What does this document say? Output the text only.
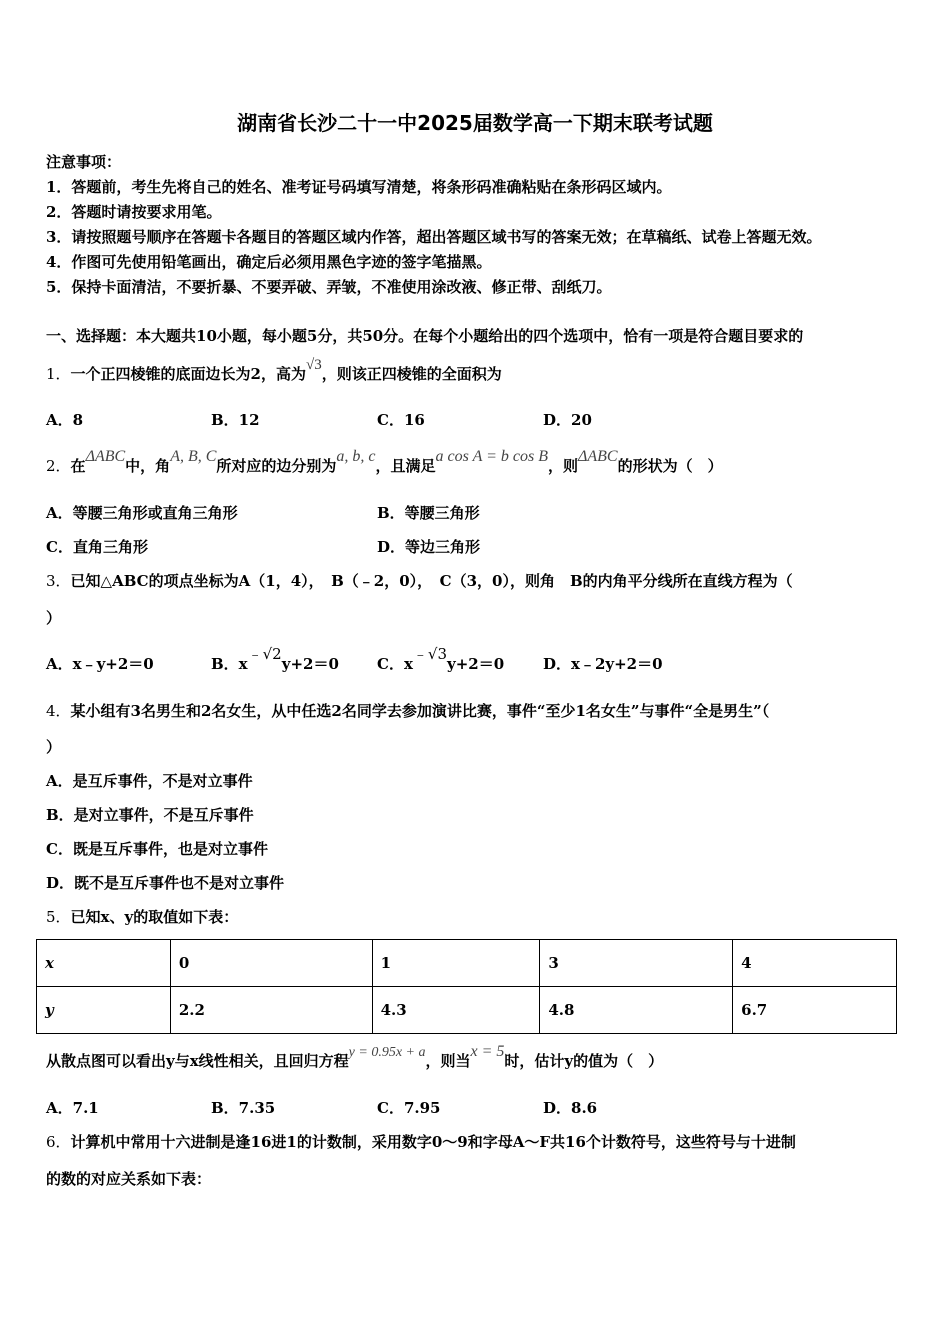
湖南省长沙二十一中2025届数学高一下期末联考试题
注意事项：
1．答题前，考生先将自己的姓名、准考证号码填写清楚，将条形码准确粘贴在条形码区域内。
2．答题时请按要求用笔。
3．请按照题号顺序在答题卡各题目的答题区域内作答，超出答题区域书写的答案无效；在草稿纸、试卷上答题无效。
4．作图可先使用铅笔画出，确定后必须用黑色字迹的签字笔描黑。
5．保持卡面清洁，不要折暴、不要弄破、弄皱，不准使用涂改液、修正带、刮纸刀。
一、选择题：本大题共10小题，每小题5分，共50分。在每个小题给出的四个选项中，恰有一项是符合题目要求的
1．一个正四棱锥的底面边长为2，高为√3，则该正四棱锥的全面积为
A．8	B．12	C．16	D．20
2．在ΔABC中，角A, B, C所对应的边分别为a, b, c，且满足a cos A = b cos B，则ΔABC的形状为（　）
A．等腰三角形或直角三角形	B．等腰三角形
C．直角三角形	D．等边三角形
3．已知△ABC的项点坐标为A（1，4），　B（﹣2，0），　C（3，0），则角　B的内角平分线所在直线方程为（
）
A．x﹣y+2＝0	B．x﹣√2y+2＝0	C．x﹣√3y+2＝0	D．x﹣2y+2＝0
4．某小组有3名男生和2名女生，从中任选2名同学去参加演讲比赛，事件“至少1名女生”与事件“全是男生”（
）
A．是互斥事件，不是对立事件
B．是对立事件，不是互斥事件
C．既是互斥事件，也是对立事件
D．既不是互斥事件也不是对立事件
5．已知x、y的取值如下表：
x	0	1	3	4
y	2.2	4.3	4.8	6.7
从散点图可以看出y与x线性相关，且回归方程y = 0.95x + a，则当x = 5时，估计y的值为（　）
A．7.1	B．7.35	C．7.95	D．8.6
6．计算机中常用十六进制是逢16进1的计数制，采用数字0～9和字母A～F共16个计数符号，这些符号与十进制
的数的对应关系如下表：
